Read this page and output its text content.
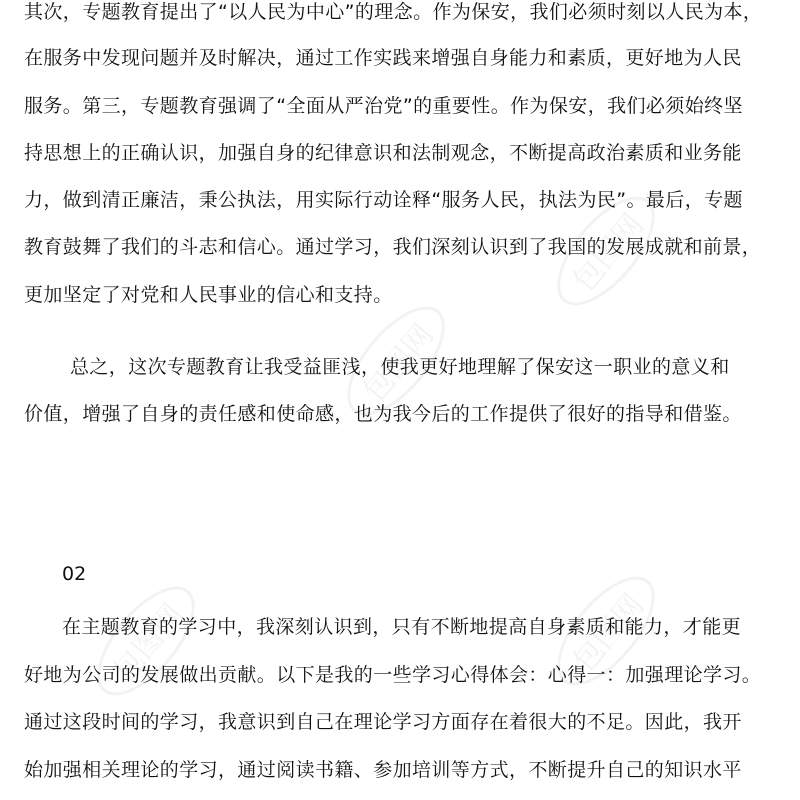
包图网
包图网
包图网	包图网
其次，专题教育提出了“以人民为中心”的理念。作为保安，我们必须时刻以人民为本，
在服务中发现问题并及时解决，通过工作实践来增强自身能力和素质，更好地为人民
服务。第三，专题教育强调了“全面从严治党”的重要性。作为保安，我们必须始终坚
持思想上的正确认识，加强自身的纪律意识和法制观念，不断提高政治素质和业务能
力，做到清正廉洁，秉公执法，用实际行动诠释“服务人民，执法为民”。最后，专题
教育鼓舞了我们的斗志和信心。通过学习，我们深刻认识到了我国的发展成就和前景，
更加坚定了对党和人民事业的信心和支持。
总之，这次专题教育让我受益匪浅，使我更好地理解了保安这一职业的意义和
价值，增强了自身的责任感和使命感，也为我今后的工作提供了很好的指导和借鉴。
02
在主题教育的学习中，我深刻认识到，只有不断地提高自身素质和能力，才能更
好地为公司的发展做出贡献。以下是我的一些学习心得体会：心得一：加强理论学习。
通过这段时间的学习，我意识到自己在理论学习方面存在着很大的不足。因此，我开
始加强相关理论的学习，通过阅读书籍、参加培训等方式，不断提升自己的知识水平
